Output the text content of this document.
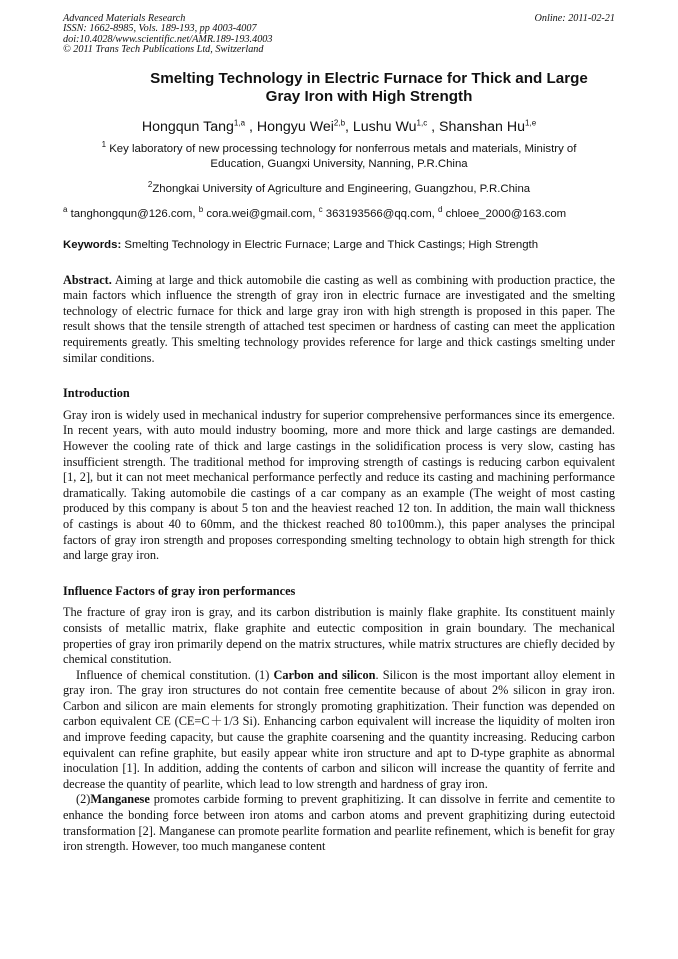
Advanced Materials Research
ISSN: 1662-8985, Vols. 189-193, pp 4003-4007
doi:10.4028/www.scientific.net/AMR.189-193.4003
© 2011 Trans Tech Publications Ltd, Switzerland
Online: 2011-02-21
Smelting Technology in Electric Furnace for Thick and Large
Gray Iron with High Strength
Hongqun Tang$^{1,a}$ , Hongyu Wei$^{2,b}$, Lushu Wu$^{1,c}$ , Shanshan Hu$^{1,e}$
$^1$ Key laboratory of new processing technology for nonferrous metals and materials, Ministry of
Education, Guangxi University, Nanning, P.R.China
$^2$Zhongkai University of Agriculture and Engineering, Guangzhou, P.R.China
$^a$ tanghongqun@126.com, $^b$ cora.wei@gmail.com, $^c$ 363193566@qq.com, $^d$ chloee_2000@163.com
Keywords: Smelting Technology in Electric Furnace; Large and Thick Castings; High Strength

Abstract. Aiming at large and thick automobile die casting as well as combining with production practice, the main factors which influence the strength of gray iron in electric furnace are investigated and the smelting technology of electric furnace for thick and large gray iron with high strength is proposed in this paper. The result shows that the tensile strength of attached test specimen or hardness of casting can meet the application requirements greatly. This smelting technology provides reference for large and thick castings smelting under similar conditions.

Introduction

Gray iron is widely used in mechanical industry for superior comprehensive performances since its emergence. In recent years, with auto mould industry booming, more and more thick and large castings are demanded. However the cooling rate of thick and large castings in the solidification process is very slow, casting has insufficient strength. The traditional method for improving strength of castings is reducing carbon equivalent [1, 2], but it can not meet mechanical performance perfectly and reduce its casting and machining performance dramatically. Taking automobile die castings of a car company as an example (The weight of most casting produced by this company is about 5 ton and the heaviest reached 12 ton. In addition, the main wall thickness of castings is about 40 to 60mm, and the thickest reached 80 to100mm.), this paper analyses the principal factors of gray iron strength and proposes corresponding smelting technology to obtain high strength for thick and large gray iron.

Influence Factors of gray iron performances

The fracture of gray iron is gray, and its carbon distribution is mainly flake graphite. Its constituent mainly consists of metallic matrix, flake graphite and eutectic composition in grain boundary. The mechanical properties of gray iron primarily depend on the matrix structures, while matrix structures are chiefly decided by chemical constitution.

Influence of chemical constitution. (1) Carbon and silicon. Silicon is the most important alloy element in gray iron. The gray iron structures do not contain free cementite because of about 2% silicon in gray iron. Carbon and silicon are main elements for strongly promoting graphitization. Their function was depended on carbon equivalent CE (CE=C＋1/3 Si). Enhancing carbon equivalent will increase the liquidity of molten iron and improve feeding capacity, but cause the graphite coarsening and the quantity increasing. Reducing carbon equivalent can refine graphite, but easily appear white iron structure and apt to D-type graphite as abnormal inoculation [1]. In addition, adding the contents of carbon and silicon will increase the quantity of ferrite and decrease the quantity of pearlite, which lead to low strength and hardness of gray iron.

(2)Manganese promotes carbide forming to prevent graphitizing. It can dissolve in ferrite and cementite to enhance the bonding force between iron atoms and carbon atoms and prevent graphitizing during eutectoid transformation [2]. Manganese can promote pearlite formation and pearlite refinement, which is benefit for gray iron strength. However, too much manganese content
